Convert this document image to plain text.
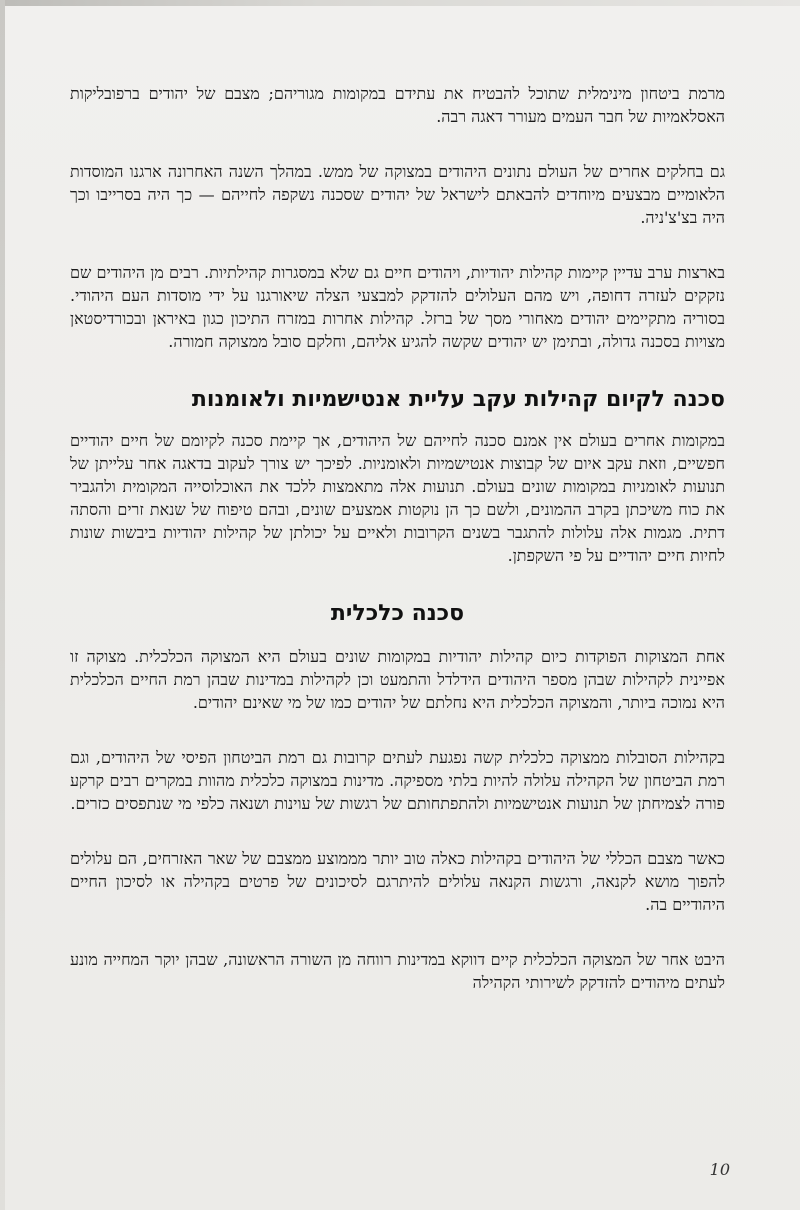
מרמת ביטחון מינימלית שתוכל להבטיח את עתידם במקומות מגוריהם; מצבם של יהודים ברפובליקות האסלאמיות של חבר העמים מעורר דאגה רבה.

גם בחלקים אחרים של העולם נתונים היהודים במצוקה של ממש. במהלך השנה האחרונה ארגנו המוסדות הלאומיים מבצעים מיוחדים להבאתם לישראל של יהודים שסכנה נשקפה לחייהם — כך היה בסרייבו וכך היה בצ'צ'ניה.

בארצות ערב עדיין קיימות קהילות יהודיות, ויהודים חיים גם שלא במסגרות קהילתיות. רבים מן היהודים שם נזקקים לעזרה דחופה, ויש מהם העלולים להזדקק למבצעי הצלה שיאורגנו על ידי מוסדות העם היהודי. בסוריה מתקיימים יהודים מאחורי מסך של ברזל. קהילות אחרות במזרח התיכון כגון באיראן ובכורדיסטאן מצויות בסכנה גדולה, ובתימן יש יהודים שקשה להגיע אליהם, וחלקם סובל ממצוקה חמורה.

סכנה לקיום קהילות עקב עליית אנטישמיות ולאומנות

במקומות אחרים בעולם אין אמנם סכנה לחייהם של היהודים, אך קיימת סכנה לקיומם של חיים יהודיים חפשיים, וזאת עקב איום של קבוצות אנטישמיות ולאומניות. לפיכך יש צורך לעקוב בדאגה אחר עלייתן של תנועות לאומניות במקומות שונים בעולם. תנועות אלה מתאמצות ללכד את האוכלוסייה המקומית ולהגביר את כוח משיכתן בקרב ההמונים, ולשם כך הן נוקטות אמצעים שונים, ובהם טיפוח של שנאת זרים והסתה דתית. מגמות אלה עלולות להתגבר בשנים הקרובות ולאיים על יכולתן של קהילות יהודיות ביבשות שונות לחיות חיים יהודיים על פי השקפתן.

סכנה כלכלית

אחת המצוקות הפוקדות כיום קהילות יהודיות במקומות שונים בעולם היא המצוקה הכלכלית. מצוקה זו אפיינית לקהילות שבהן מספר היהודים הידלדל והתמעט וכן לקהילות במדינות שבהן רמת החיים הכלכלית היא נמוכה ביותר, והמצוקה הכלכלית היא נחלתם של יהודים כמו של מי שאינם יהודים.

בקהילות הסובלות ממצוקה כלכלית קשה נפגעת לעתים קרובות גם רמת הביטחון הפיסי של היהודים, וגם רמת הביטחון של הקהילה עלולה להיות בלתי מספיקה. מדינות במצוקה כלכלית מהוות במקרים רבים קרקע פורה לצמיחתן של תנועות אנטישמיות ולהתפתחותם של רגשות של עוינות ושנאה כלפי מי שנתפסים כזרים.

כאשר מצבם הכללי של היהודים בקהילות כאלה טוב יותר מממוצע ממצבם של שאר האזרחים, הם עלולים להפוך מושא לקנאה, ורגשות הקנאה עלולים להיתרגם לסיכונים של פרטים בקהילה או לסיכון החיים היהודיים בה.

היבט אחר של המצוקה הכלכלית קיים דווקא במדינות רווחה מן השורה הראשונה, שבהן יוקר המחייה מונע לעתים מיהודים להזדקק לשירותי הקהילה

10
